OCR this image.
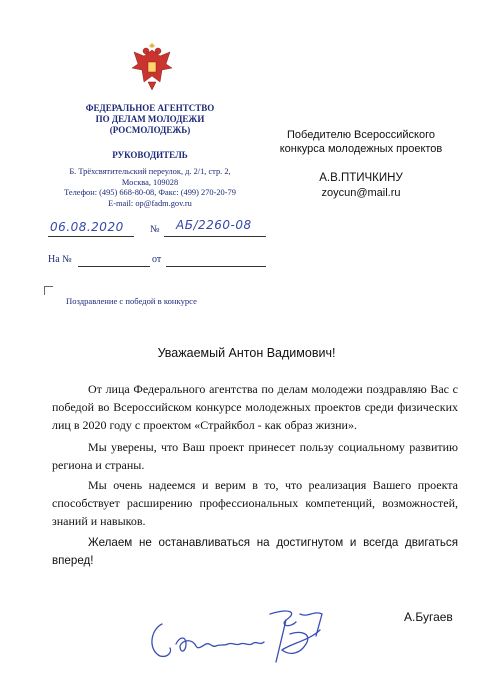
ФЕДЕРАЛЬНОЕ АГЕНТСТВО
ПО ДЕЛАМ МОЛОДЕЖИ
(РОСМОЛОДЕЖЬ)
РУКОВОДИТЕЛЬ
Б. Трёхсвятительский переулок, д. 2/1, стр. 2,
Москва, 109028
Телефон: (495) 668-80-08, Факс: (499) 270-20-79
E-mail: op@fadm.gov.ru
Победителю Всероссийского
конкурса молодежных проектов
А.В.ПТИЧКИНУ
zoycun@mail.ru
06.08.2020	№ АБ/2260-08
На №	от
Поздравление с победой в конкурсе
Уважаемый Антон Вадимович!
От лица Федерального агентства по делам молодежи поздравляю Вас с победой во Всероссийском конкурсе молодежных проектов среди физических лиц в 2020 году с проектом «Страйкбол - как образ жизни».
Мы уверены, что Ваш проект принесет пользу социальному развитию региона и страны.
Мы очень надеемся и верим в то, что реализация Вашего проекта способствует расширению профессиональных компетенций, возможностей, знаний и навыков.
Желаем не останавливаться на достигнутом и всегда двигаться вперед!
А.Бугаев
